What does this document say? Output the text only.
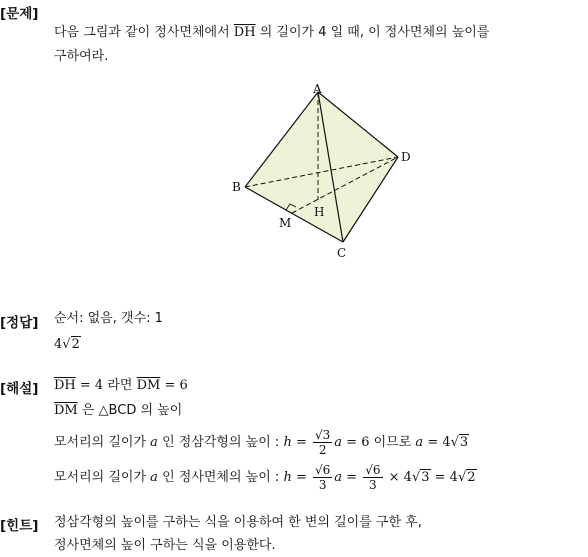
[문제]
다음 그림과 같이 정사면체에서 $\overline{DH}$ 의 길이가 4 일 때, 이 정사면체의 높이를
구하여라.
A
B
C
D
H
M
[정답] 순서: 없음, 갯수: 1
4√2
[해설] $\overline{DH} = 4$ 라면 $\overline{DM} = 6$
$\overline{DM}$ 은 △BCD 의 높이
모서리의 길이가 a 인 정삼각형의 높이 : $h = \frac{√3}{2}$ a = 6 이므로 a = 4√3
모서리의 길이가 a 인 정사면체의 높이 : $h = \frac{√6}{3}$ $a = \frac{√6}{3} \times 4√3 = 4√2$
[힌트] 정삼각형의 높이를 구하는 식을 이용하여 한 변의 길이를 구한 후,
정사면체의 높이 구하는 식을 이용한다.
